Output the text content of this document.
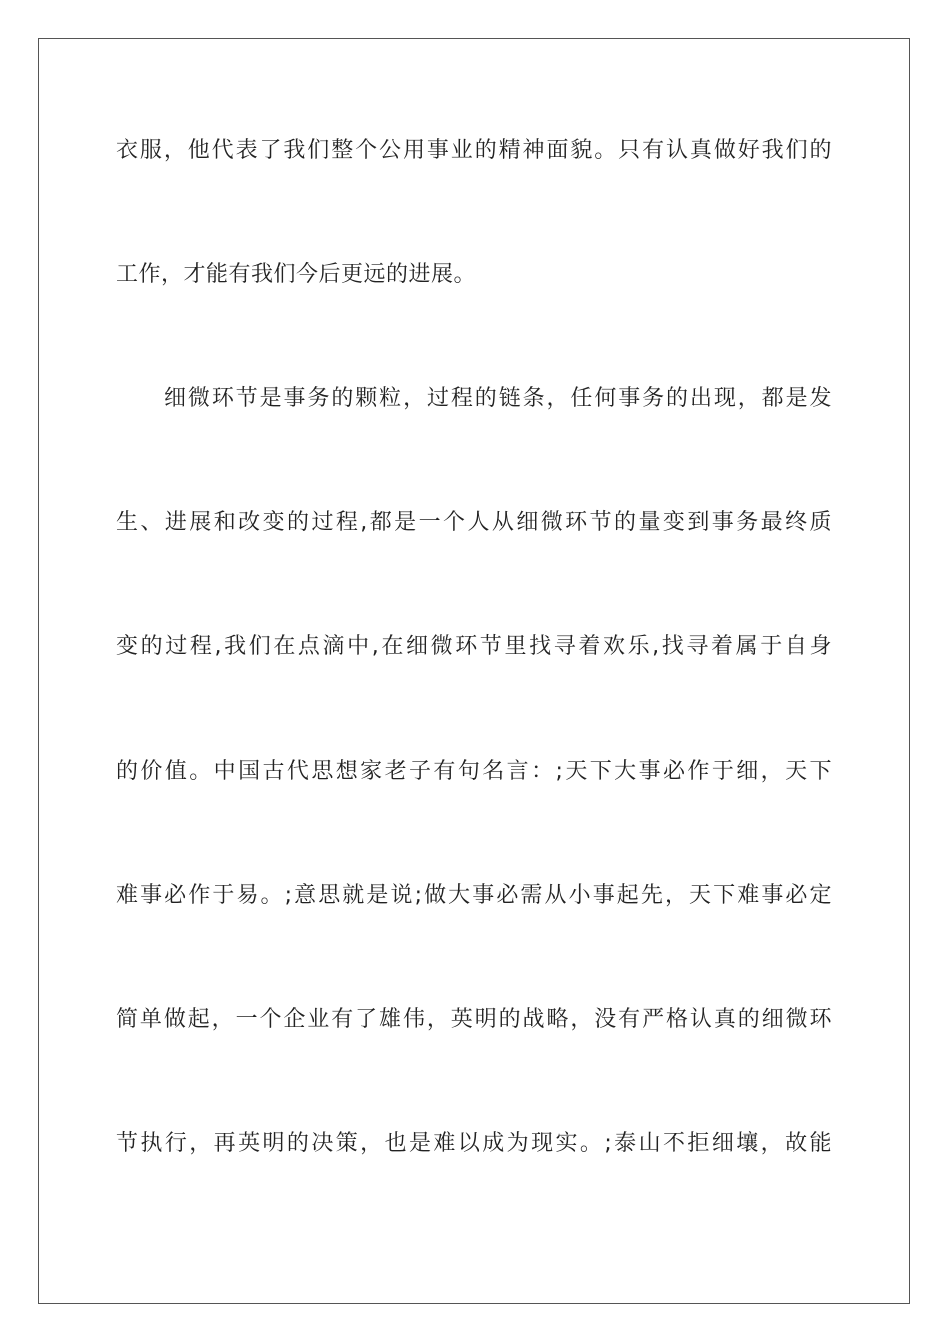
衣服，他代表了我们整个公用事业的精神面貌。只有认真做好我们的
工作，才能有我们今后更远的进展。
细微环节是事务的颗粒，过程的链条，任何事务的出现，都是发
生、进展和改变的过程,都是一个人从细微环节的量变到事务最终质
变的过程,我们在点滴中,在细微环节里找寻着欢乐,找寻着属于自身
的价值。中国古代思想家老子有句名言：;天下大事必作于细，天下
难事必作于易。;意思就是说;做大事必需从小事起先，天下难事必定
简单做起，一个企业有了雄伟，英明的战略，没有严格认真的细微环
节执行，再英明的决策，也是难以成为现实。;泰山不拒细壤，故能
